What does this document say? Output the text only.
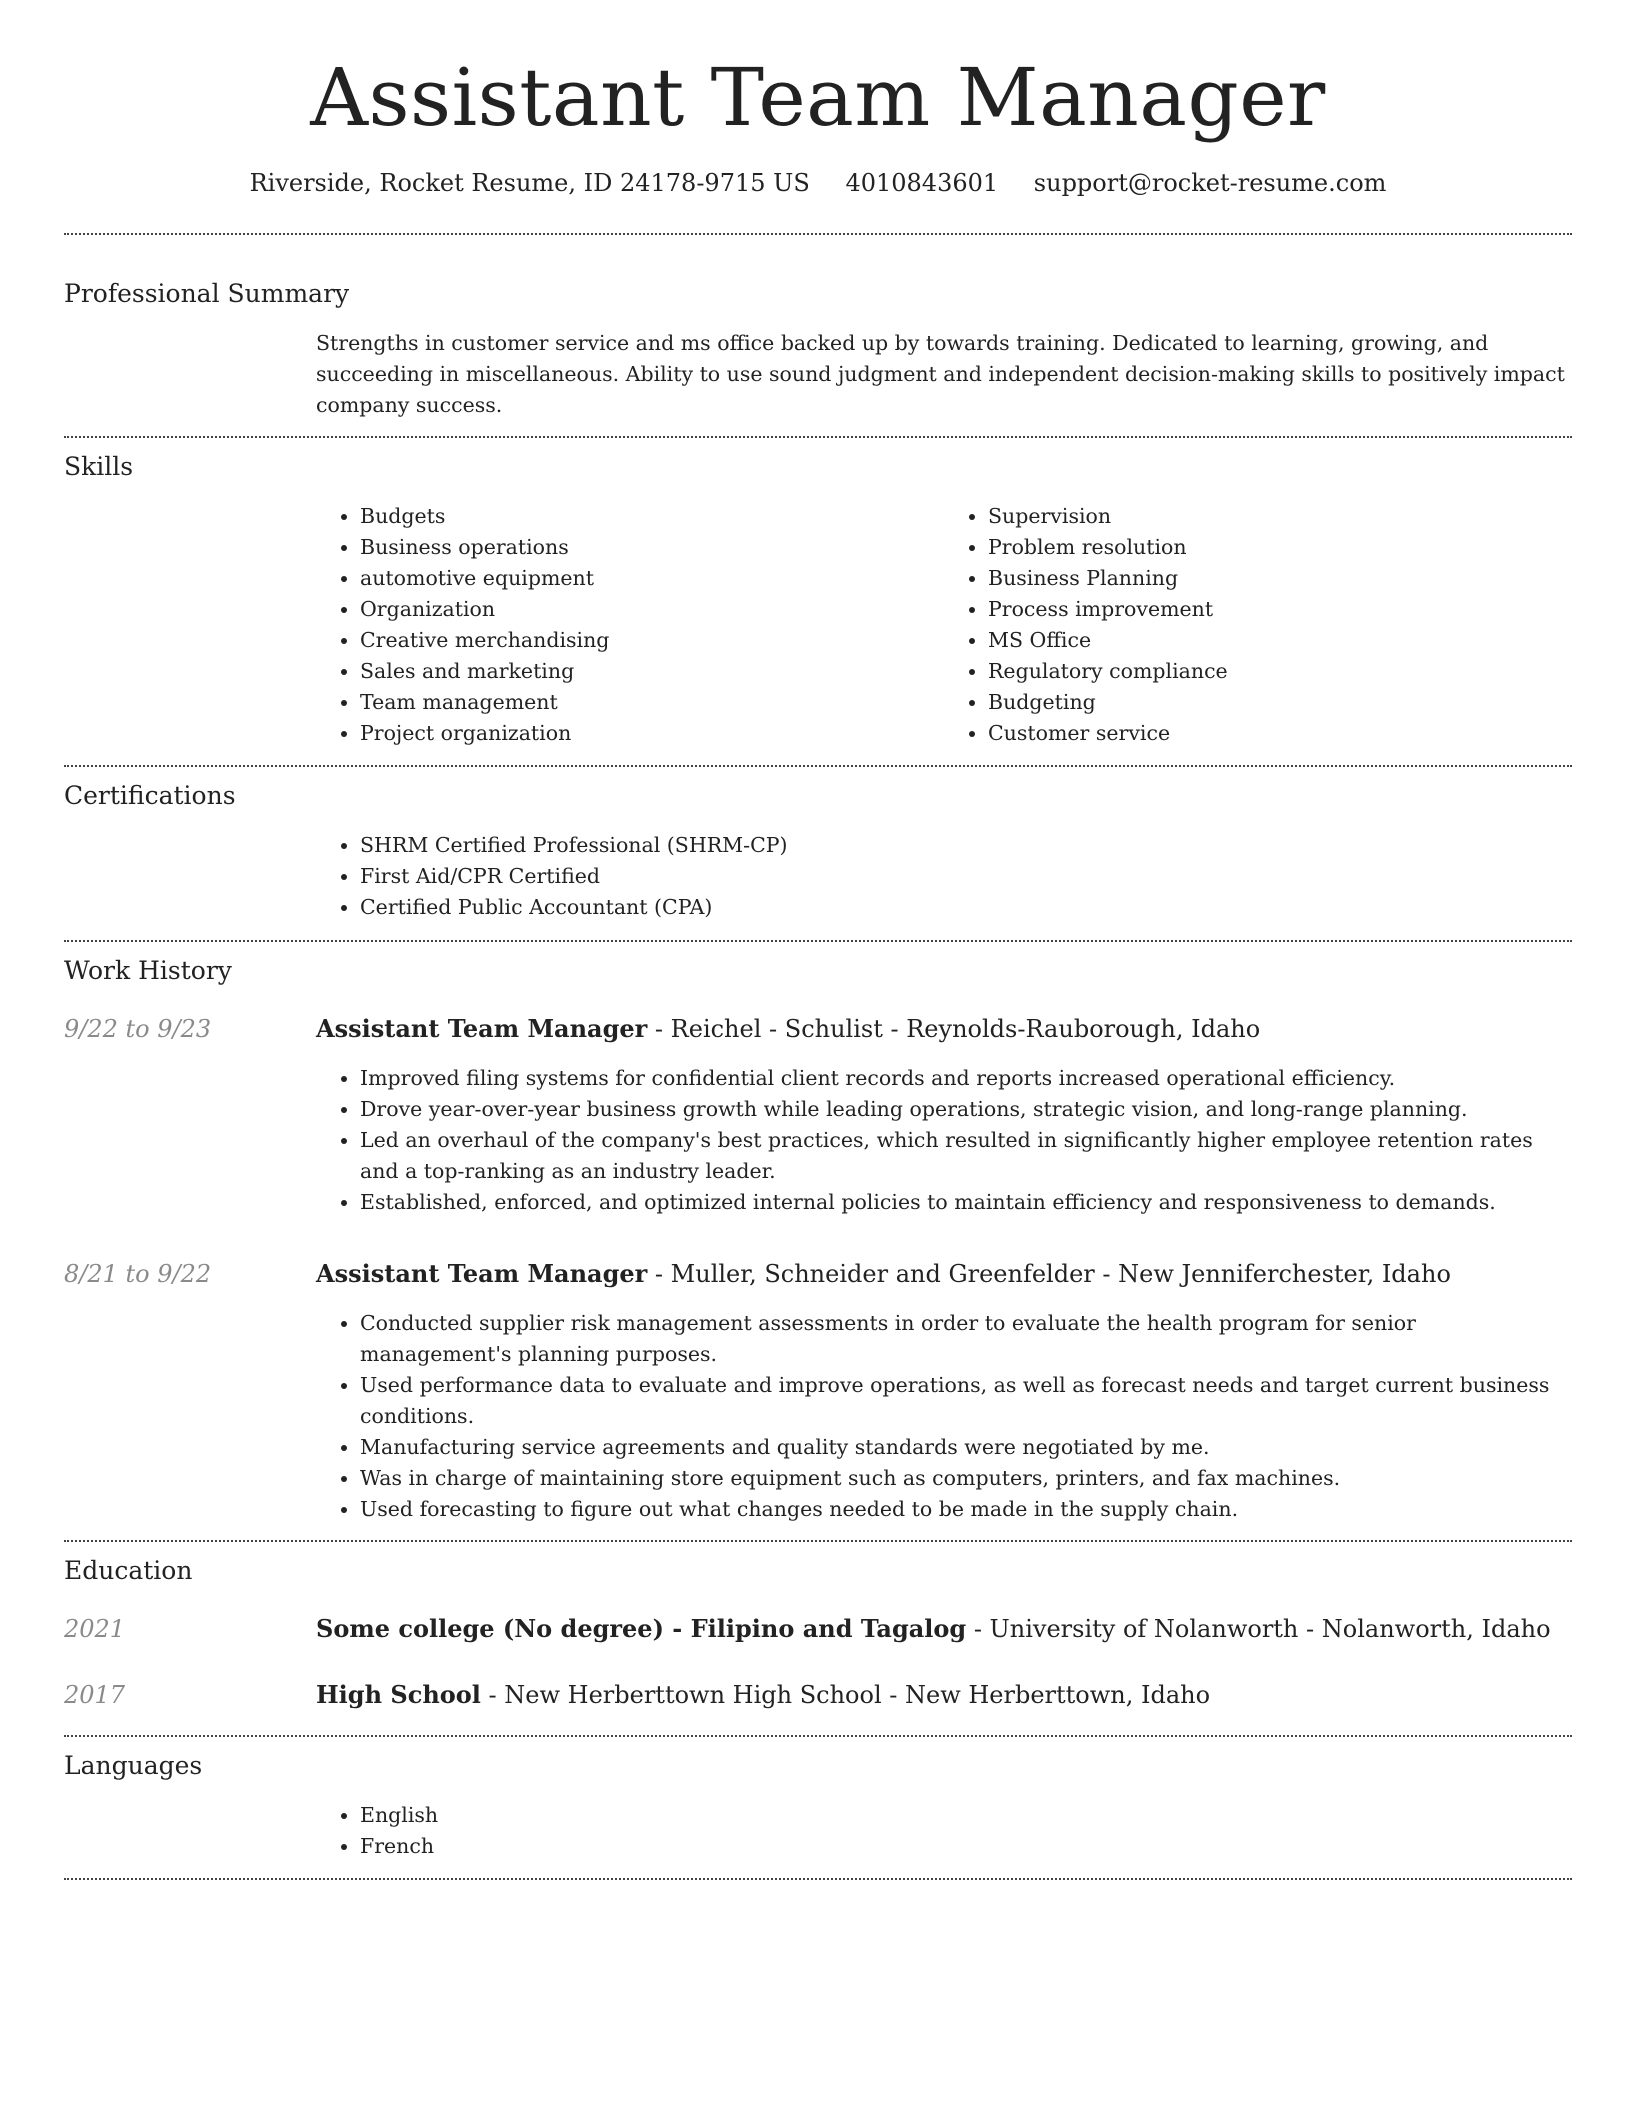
Assistant Team Manager
Riverside, Rocket Resume, ID 24178-9715 US 4010843601 support@rocket-resume.com
Professional Summary
Strengths in customer service and ms office backed up by towards training. Dedicated to learning, growing, and succeeding in miscellaneous. Ability to use sound judgment and independent decision-making skills to positively impact company success.
Skills
• Budgets
• Business operations
• automotive equipment
• Organization
• Creative merchandising
• Sales and marketing
• Team management
• Project organization
• Supervision
• Problem resolution
• Business Planning
• Process improvement
• MS Office
• Regulatory compliance
• Budgeting
• Customer service
Certifications
• SHRM Certified Professional (SHRM-CP)
• First Aid/CPR Certified
• Certified Public Accountant (CPA)
Work History
9/22 to 9/23	Assistant Team Manager - Reichel - Schulist - Reynolds-Rauborough, Idaho
• Improved filing systems for confidential client records and reports increased operational efficiency.
• Drove year-over-year business growth while leading operations, strategic vision, and long-range planning.
• Led an overhaul of the company's best practices, which resulted in significantly higher employee retention rates and a top-ranking as an industry leader.
• Established, enforced, and optimized internal policies to maintain efficiency and responsiveness to demands.
8/21 to 9/22	Assistant Team Manager - Muller, Schneider and Greenfelder - New Jenniferchester, Idaho
• Conducted supplier risk management assessments in order to evaluate the health program for senior management's planning purposes.
• Used performance data to evaluate and improve operations, as well as forecast needs and target current business conditions.
• Manufacturing service agreements and quality standards were negotiated by me.
• Was in charge of maintaining store equipment such as computers, printers, and fax machines.
• Used forecasting to figure out what changes needed to be made in the supply chain.
Education
2021	Some college (No degree) - Filipino and Tagalog - University of Nolanworth - Nolanworth, Idaho
2017	High School - New Herberttown High School - New Herberttown, Idaho
Languages
• English
• French
